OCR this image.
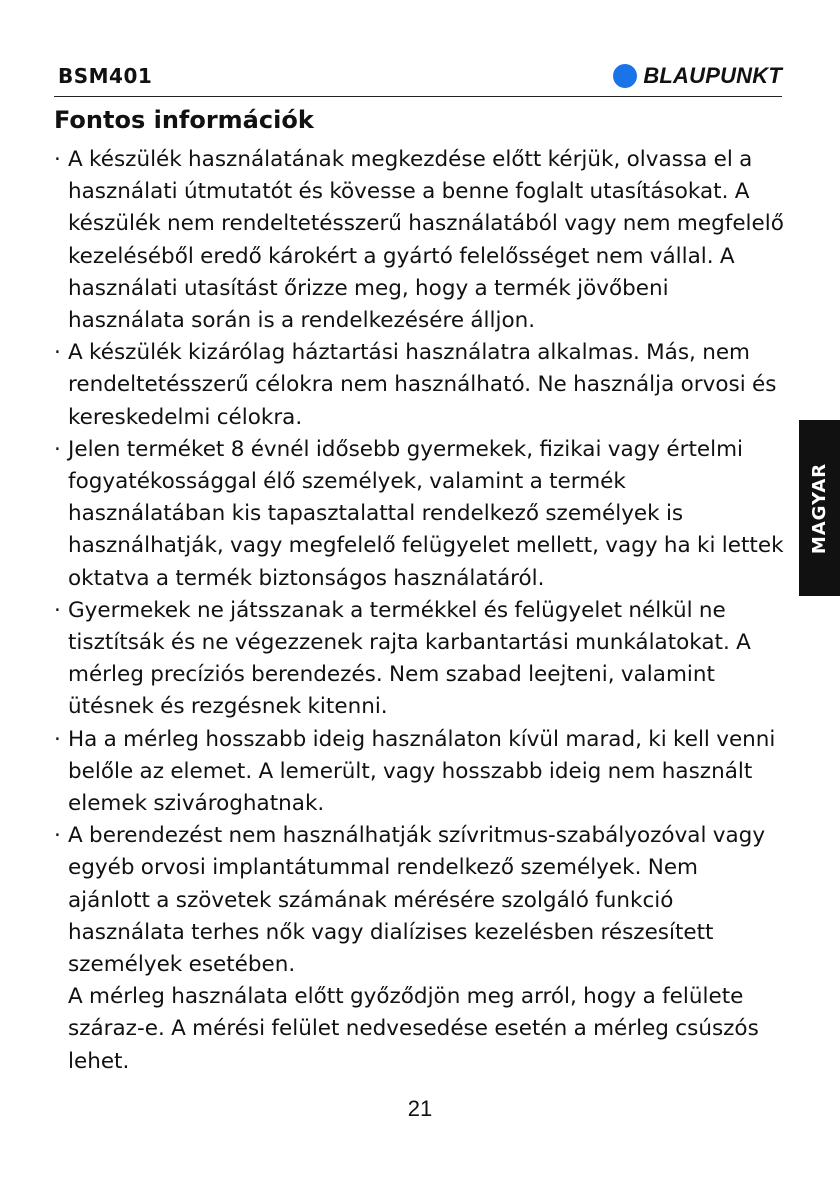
BSM401	BLAUPUNKT
Fontos információk
· A készülék használatának megkezdése előtt kérjük, olvassa el a használati útmutatót és kövesse a benne foglalt utasításokat. A készülék nem rendeltetésszerű használatából vagy nem megfelelő kezeléséből eredő károkért a gyártó felelősséget nem vállal. A használati utasítást őrizze meg, hogy a termék jövőbeni használata során is a rendelkezésére álljon.

· A készülék kizárólag háztartási használatra alkalmas. Más, nem rendeltetésszerű célokra nem használható. Ne használja orvosi és kereskedelmi célokra.

· Jelen terméket 8 évnél idősebb gyermekek, fizikai vagy értelmi fogyatékossággal élő személyek, valamint a termék használatában kis tapasztalattal rendelkező személyek is használhatják, vagy megfelelő felügyelet mellett, vagy ha ki lettek oktatva a termék biztonságos használatáról.

· Gyermekek ne játsszanak a termékkel és felügyelet nélkül ne tisztítsák és ne végezzenek rajta karbantartási munkálatokat. A mérleg precíziós berendezés. Nem szabad leejteni, valamint ütésnek és rezgésnek kitenni.

· Ha a mérleg hosszabb ideig használaton kívül marad, ki kell venni belőle az elemet. A lemerült, vagy hosszabb ideig nem használt elemek szivároghatnak.

· A berendezést nem használhatják szívritmus-szabályozóval vagy egyéb orvosi implantátummal rendelkező személyek. Nem ajánlott a szövetek számának mérésére szolgáló funkció használata terhes nők vagy dialízises kezelésben részesített személyek esetében.

A mérleg használata előtt győződjön meg arról, hogy a felülete száraz-e. A mérési felület nedvesedése esetén a mérleg csúszós lehet.

MAGYAR
21
